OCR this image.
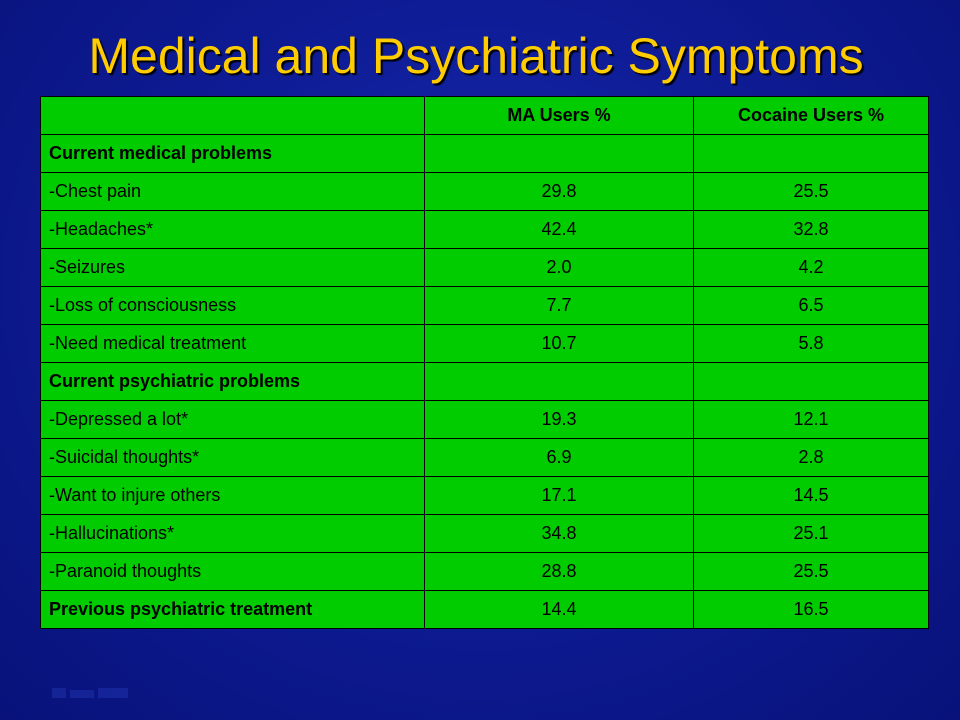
Medical and Psychiatric Symptoms
	MA Users %	Cocaine Users %
Current medical problems		
-Chest pain	29.8	25.5
-Headaches*	42.4	32.8
-Seizures	2.0	4.2
-Loss of consciousness	7.7	6.5
-Need medical treatment	10.7	5.8
Current psychiatric problems		
-Depressed a lot*	19.3	12.1
-Suicidal thoughts*	6.9	2.8
-Want to injure others	17.1	14.5
-Hallucinations*	34.8	25.1
-Paranoid thoughts	28.8	25.5
Previous psychiatric treatment	14.4	16.5
